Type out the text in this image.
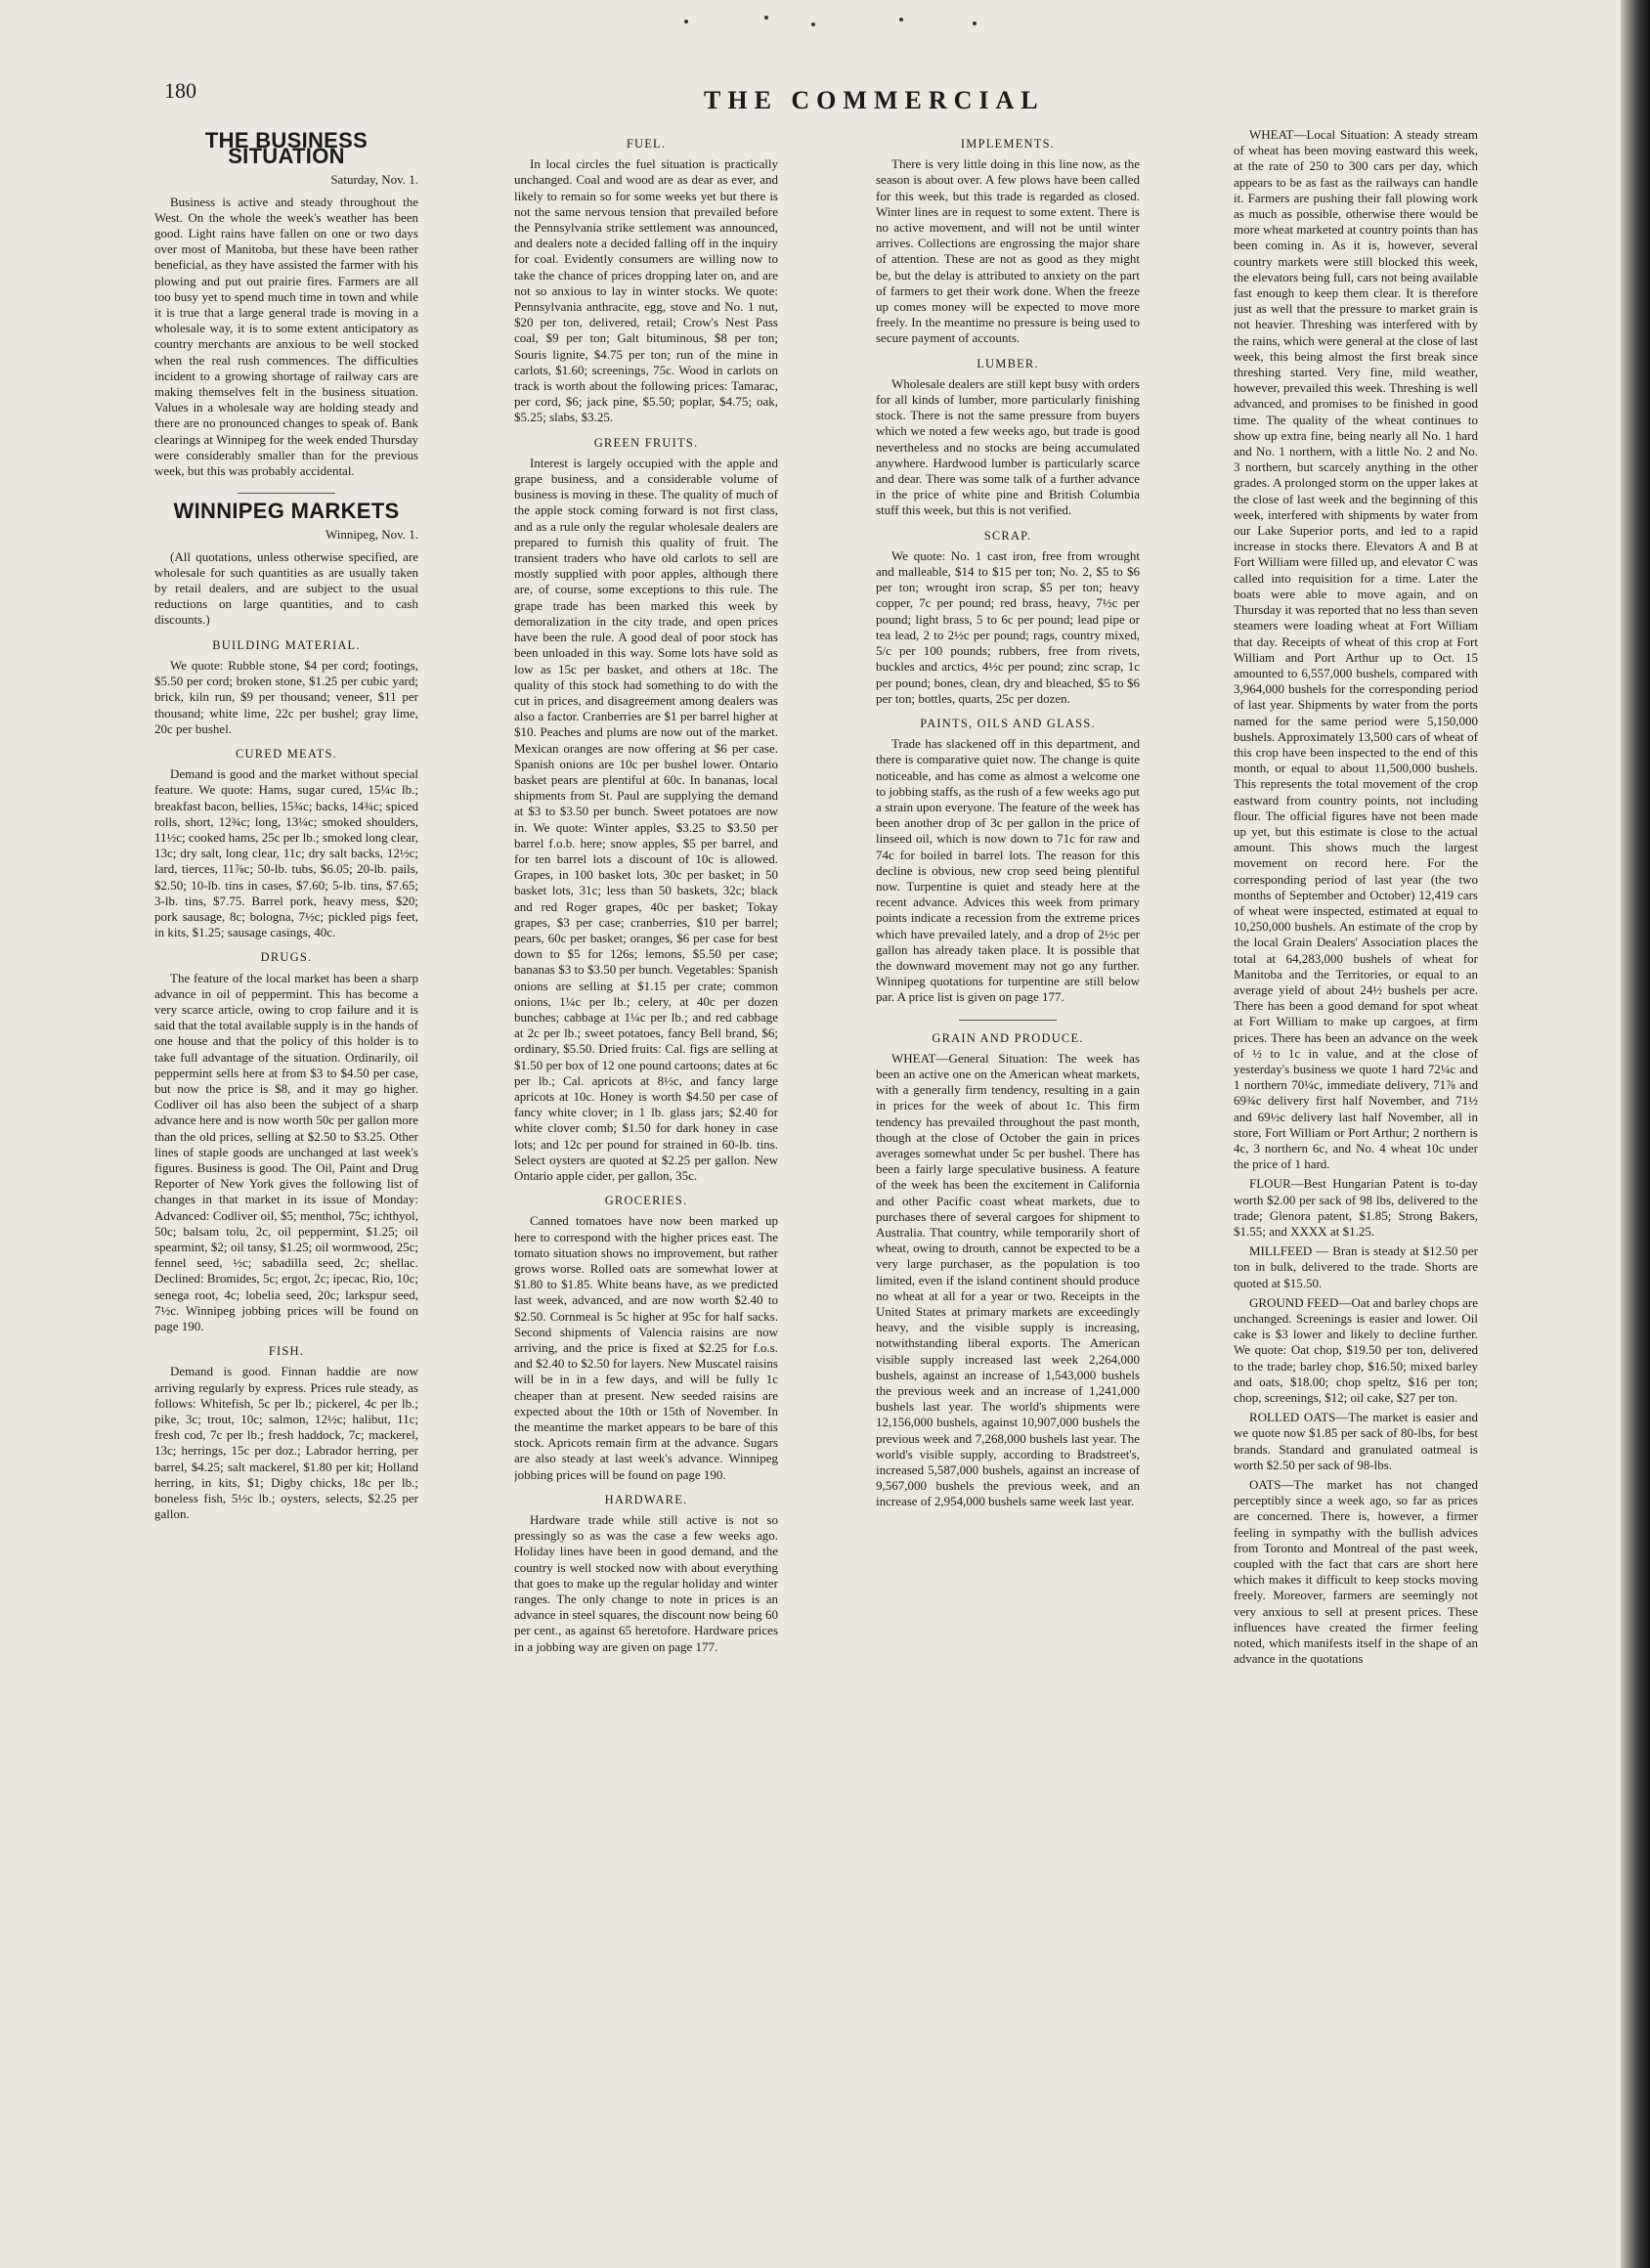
180	THE COMMERCIAL
THE BUSINESS SITUATION

Saturday, Nov. 1.

Business is active and steady throughout the West. On the whole the week's weather has been good. Light rains have fallen on one or two days over most of Manitoba, but these have been rather beneficial, as they have assisted the farmer with his plowing and put out prairie fires. Farmers are all too busy yet to spend much time in town and while it is true that a large general trade is moving in a wholesale way, it is to some extent anticipatory as country merchants are anxious to be well stocked when the real rush commences. The difficulties incident to a growing shortage of railway cars are making themselves felt in the business situation. Values in a wholesale way are holding steady and there are no pronounced changes to speak of. Bank clearings at Winnipeg for the week ended Thursday were considerably smaller than for the previous week, but this was probably accidental.

WINNIPEG MARKETS

Winnipeg, Nov. 1.

(All quotations, unless otherwise specified, are wholesale for such quantities as are usually taken by retail dealers, and are subject to the usual reductions on large quantities, and to cash discounts.)

BUILDING MATERIAL.

We quote: Rubble stone, $4 per cord; footings, $5.50 per cord; broken stone, $1.25 per cubic yard; brick, kiln run, $9 per thousand; veneer, $11 per thousand; white lime, 22c per bushel; gray lime, 20c per bushel.

CURED MEATS.

Demand is good and the market without special feature. We quote: Hams, sugar cured, 15¼c lb.; breakfast bacon, bellies, 15¾c; backs, 14¾c; spiced rolls, short, 12¾c; long, 13¼c; smoked shoulders, 11½c; cooked hams, 25c per lb.; smoked long clear, 13c; dry salt, long clear, 11c; dry salt backs, 12½c; lard, tierces, 11⅞c; 50-lb. tubs, $6.05; 20-lb. pails, $2.50; 10-lb. tins in cases, $7.60; 5-lb. tins, $7.65; 3-lb. tins, $7.75. Barrel pork, heavy mess, $20; pork sausage, 8c; bologna, 7½c; pickled pigs feet, in kits, $1.25; sausage casings, 40c.

DRUGS.

The feature of the local market has been a sharp advance in oil of peppermint. This has become a very scarce article, owing to crop failure and it is said that the total available supply is in the hands of one house and that the policy of this holder is to take full advantage of the situation. Ordinarily, oil peppermint sells here at from $3 to $4.50 per case, but now the price is $8, and it may go higher. Codliver oil has also been the subject of a sharp advance here and is now worth 50c per gallon more than the old prices, selling at $2.50 to $3.25. Other lines of staple goods are unchanged at last week's figures. Business is good. The Oil, Paint and Drug Reporter of New York gives the following list of changes in that market in its issue of Monday: Advanced: Codliver oil, $5; menthol, 75c; ichthyol, 50c; balsam tolu, 2c, oil peppermint, $1.25; oil spearmint, $2; oil tansy, $1.25; oil wormwood, 25c; fennel seed, ½c; sabadilla seed, 2c; shellac. Declined: Bromides, 5c; ergot, 2c; ipecac, Rio, 10c; senega root, 4c; lobelia seed, 20c; larkspur seed, 7½c. Winnipeg jobbing prices will be found on page 190.

FISH.

Demand is good. Finnan haddie are now arriving regularly by express. Prices rule steady, as follows: Whitefish, 5c per lb.; pickerel, 4c per lb.; pike, 3c; trout, 10c; salmon, 12½c; halibut, 11c; fresh cod, 7c per lb.; fresh haddock, 7c; mackerel, 13c; herrings, 15c per doz.; Labrador herring, per barrel, $4.25; salt mackerel, $1.80 per kit; Holland herring, in kits, $1; Digby chicks, 18c per lb.; boneless fish, 5½c lb.; oysters, selects, $2.25 per gallon.

FUEL.

In local circles the fuel situation is practically unchanged. Coal and wood are as dear as ever, and likely to remain so for some weeks yet but there is not the same nervous tension that prevailed before the Pennsylvania strike settlement was announced, and dealers note a decided falling off in the inquiry for coal. Evidently consumers are willing now to take the chance of prices dropping later on, and are not so anxious to lay in winter stocks. We quote: Pennsylvania anthracite, egg, stove and No. 1 nut, $20 per ton, delivered, retail; Crow's Nest Pass coal, $9 per ton; Galt bituminous, $8 per ton; Souris lignite, $4.75 per ton; run of the mine in carlots, $1.60; screenings, 75c. Wood in carlots on track is worth about the following prices: Tamarac, per cord, $6; jack pine, $5.50; poplar, $4.75; oak, $5.25; slabs, $3.25.

GREEN FRUITS.

Interest is largely occupied with the apple and grape business, and a considerable volume of business is moving in these. The quality of much of the apple stock coming forward is not first class, and as a rule only the regular wholesale dealers are prepared to furnish this quality of fruit. The transient traders who have old carlots to sell are mostly supplied with poor apples, although there are, of course, some exceptions to this rule. The grape trade has been marked this week by demoralization in the city trade, and open prices have been the rule. A good deal of poor stock has been unloaded in this way. Some lots have sold as low as 15c per basket, and others at 18c. The quality of this stock had something to do with the cut in prices, and disagreement among dealers was also a factor. Cranberries are $1 per barrel higher at $10. Peaches and plums are now out of the market. Mexican oranges are now offering at $6 per case. Spanish onions are 10c per bushel lower. Ontario basket pears are plentiful at 60c. In bananas, local shipments from St. Paul are supplying the demand at $3 to $3.50 per bunch. Sweet potatoes are now in. We quote: Winter apples, $3.25 to $3.50 per barrel f.o.b. here; snow apples, $5 per barrel, and for ten barrel lots a discount of 10c is allowed. Grapes, in 100 basket lots, 30c per basket; in 50 basket lots, 31c; less than 50 baskets, 32c; black and red Roger grapes, 40c per basket; Tokay grapes, $3 per case; cranberries, $10 per barrel; pears, 60c per basket; oranges, $6 per case for best down to $5 for 126s; lemons, $5.50 per case; bananas $3 to $3.50 per bunch. Vegetables: Spanish onions are selling at $1.15 per crate; common onions, 1¼c per lb.; celery, at 40c per dozen bunches; cabbage at 1¼c per lb.; and red cabbage at 2c per lb.; sweet potatoes, fancy Bell brand, $6; ordinary, $5.50. Dried fruits: Cal. figs are selling at $1.50 per box of 12 one pound cartoons; dates at 6c per lb.; Cal. apricots at 8½c, and fancy large apricots at 10c. Honey is worth $4.50 per case of fancy white clover; in 1 lb. glass jars; $2.40 for white clover comb; $1.50 for dark honey in case lots; and 12c per pound for strained in 60-lb. tins. Select oysters are quoted at $2.25 per gallon. New Ontario apple cider, per gallon, 35c.

GROCERIES.

Canned tomatoes have now been marked up here to correspond with the higher prices east. The tomato situation shows no improvement, but rather grows worse. Rolled oats are somewhat lower at $1.80 to $1.85. White beans have, as we predicted last week, advanced, and are now worth $2.40 to $2.50. Cornmeal is 5c higher at 95c for half sacks. Second shipments of Valencia raisins are now arriving, and the price is fixed at $2.25 for f.o.s. and $2.40 to $2.50 for layers. New Muscatel raisins will be in in a few days, and will be fully 1c cheaper than at present. New seeded raisins are expected about the 10th or 15th of November. In the meantime the market appears to be bare of this stock. Apricots remain firm at the advance. Sugars are also steady at last week's advance. Winnipeg jobbing prices will be found on page 190.

HARDWARE.

Hardware trade while still active is not so pressingly so as was the case a few weeks ago. Holiday lines have been in good demand, and the country is well stocked now with about everything that goes to make up the regular holiday and winter ranges. The only change to note in prices is an advance in steel squares, the discount now being 60 per cent., as against 65 heretofore. Hardware prices in a jobbing way are given on page 177.

IMPLEMENTS.

There is very little doing in this line now, as the season is about over. A few plows have been called for this week, but this trade is regarded as closed. Winter lines are in request to some extent. There is no active movement, and will not be until winter arrives. Collections are engrossing the major share of attention. These are not as good as they might be, but the delay is attributed to anxiety on the part of farmers to get their work done. When the freeze up comes money will be expected to move more freely. In the meantime no pressure is being used to secure payment of accounts.

LUMBER.

Wholesale dealers are still kept busy with orders for all kinds of lumber, more particularly finishing stock. There is not the same pressure from buyers which we noted a few weeks ago, but trade is good nevertheless and no stocks are being accumulated anywhere. Hardwood lumber is particularly scarce and dear. There was some talk of a further advance in the price of white pine and British Columbia stuff this week, but this is not verified.

SCRAP.

We quote: No. 1 cast iron, free from wrought and malleable, $14 to $15 per ton; No. 2, $5 to $6 per ton; wrought iron scrap, $5 per ton; heavy copper, 7c per pound; red brass, heavy, 7½c per pound; light brass, 5 to 6c per pound; lead pipe or tea lead, 2 to 2½c per pound; rags, country mixed, 5/c per 100 pounds; rubbers, free from rivets, buckles and arctics, 4½c per pound; zinc scrap, 1c per pound; bones, clean, dry and bleached, $5 to $6 per ton; bottles, quarts, 25c per dozen.

PAINTS, OILS AND GLASS.

Trade has slackened off in this department, and there is comparative quiet now. The change is quite noticeable, and has come as almost a welcome one to jobbing staffs, as the rush of a few weeks ago put a strain upon everyone. The feature of the week has been another drop of 3c per gallon in the price of linseed oil, which is now down to 71c for raw and 74c for boiled in barrel lots. The reason for this decline is obvious, new crop seed being plentiful now. Turpentine is quiet and steady here at the recent advance. Advices this week from primary points indicate a recession from the extreme prices which have prevailed lately, and a drop of 2½c per gallon has already taken place. It is possible that the downward movement may not go any further. Winnipeg quotations for turpentine are still below par. A price list is given on page 177.

GRAIN AND PRODUCE.

WHEAT—General Situation: The week has been an active one on the American wheat markets, with a generally firm tendency, resulting in a gain in prices for the week of about 1c. This firm tendency has prevailed throughout the past month, though at the close of October the gain in prices averages somewhat under 5c per bushel. There has been a fairly large speculative business. A feature of the week has been the excitement in California and other Pacific coast wheat markets, due to purchases there of several cargoes for shipment to Australia. That country, while temporarily short of wheat, owing to drouth, cannot be expected to be a very large purchaser, as the population is too limited, even if the island continent should produce no wheat at all for a year or two. Receipts in the United States at primary markets are exceedingly heavy, and the visible supply is increasing, notwithstanding liberal exports. The American visible supply increased last week 2,264,000 bushels, against an increase of 1,543,000 bushels the previous week and an increase of 1,241,000 bushels last year. The world's shipments were 12,156,000 bushels, against 10,907,000 bushels the previous week and 7,268,000 bushels last year. The world's visible supply, according to Bradstreet's, increased 5,587,000 bushels, against an increase of 9,567,000 bushels the previous week, and an increase of 2,954,000 bushels same week last year.

WHEAT—Local Situation: A steady stream of wheat has been moving eastward this week, at the rate of 250 to 300 cars per day, which appears to be as fast as the railways can handle it. Farmers are pushing their fall plowing work as much as possible, otherwise there would be more wheat marketed at country points than has been coming in. As it is, however, several country markets were still blocked this week, the elevators being full, cars not being available fast enough to keep them clear. It is therefore just as well that the pressure to market grain is not heavier. Threshing was interfered with by the rains, which were general at the close of last week, this being almost the first break since threshing started. Very fine, mild weather, however, prevailed this week. Threshing is well advanced, and promises to be finished in good time. The quality of the wheat continues to show up extra fine, being nearly all No. 1 hard and No. 1 northern, with a little No. 2 and No. 3 northern, but scarcely anything in the other grades. A prolonged storm on the upper lakes at the close of last week and the beginning of this week, interfered with shipments by water from our Lake Superior ports, and led to a rapid increase in stocks there. Elevators A and B at Fort William were filled up, and elevator C was called into requisition for a time. Later the boats were able to move again, and on Thursday it was reported that no less than seven steamers were loading wheat at Fort William that day. Receipts of wheat of this crop at Fort William and Port Arthur up to Oct. 15 amounted to 6,557,000 bushels, compared with 3,964,000 bushels for the corresponding period of last year. Shipments by water from the ports named for the same period were 5,150,000 bushels. Approximately 13,500 cars of wheat of this crop have been inspected to the end of this month, or equal to about 11,500,000 bushels. This represents the total movement of the crop eastward from country points, not including flour. The official figures have not been made up yet, but this estimate is close to the actual amount. This shows much the largest movement on record here. For the corresponding period of last year (the two months of September and October) 12,419 cars of wheat were inspected, estimated at equal to 10,250,000 bushels. An estimate of the crop by the local Grain Dealers' Association places the total at 64,283,000 bushels of wheat for Manitoba and the Territories, or equal to an average yield of about 24½ bushels per acre. There has been a good demand for spot wheat at Fort William to make up cargoes, at firm prices. There has been an advance on the week of ½ to 1c in value, and at the close of yesterday's business we quote 1 hard 72¼c and 1 northern 70¼c, immediate delivery, 71⅞ and 69¾c delivery first half November, and 71½ and 69½c delivery last half November, all in store, Fort William or Port Arthur; 2 northern is 4c, 3 northern 6c, and No. 4 wheat 10c under the price of 1 hard.

FLOUR—Best Hungarian Patent is to-day worth $2.00 per sack of 98 lbs, delivered to the trade; Glenora patent, $1.85; Strong Bakers, $1.55; and XXXX at $1.25.

MILLFEED — Bran is steady at $12.50 per ton in bulk, delivered to the trade. Shorts are quoted at $15.50.

GROUND FEED—Oat and barley chops are unchanged. Screenings is easier and lower. Oil cake is $3 lower and likely to decline further. We quote: Oat chop, $19.50 per ton, delivered to the trade; barley chop, $16.50; mixed barley and oats, $18.00; chop speltz, $16 per ton; chop, screenings, $12; oil cake, $27 per ton.

ROLLED OATS—The market is easier and we quote now $1.85 per sack of 80-lbs, for best brands. Standard and granulated oatmeal is worth $2.50 per sack of 98-lbs.

OATS—The market has not changed perceptibly since a week ago, so far as prices are concerned. There is, however, a firmer feeling in sympathy with the bullish advices from Toronto and Montreal of the past week, coupled with the fact that cars are short here which makes it difficult to keep stocks moving freely. Moreover, farmers are seemingly not very anxious to sell at present prices. These influences have created the firmer feeling noted, which manifests itself in the shape of an advance in the quotations
